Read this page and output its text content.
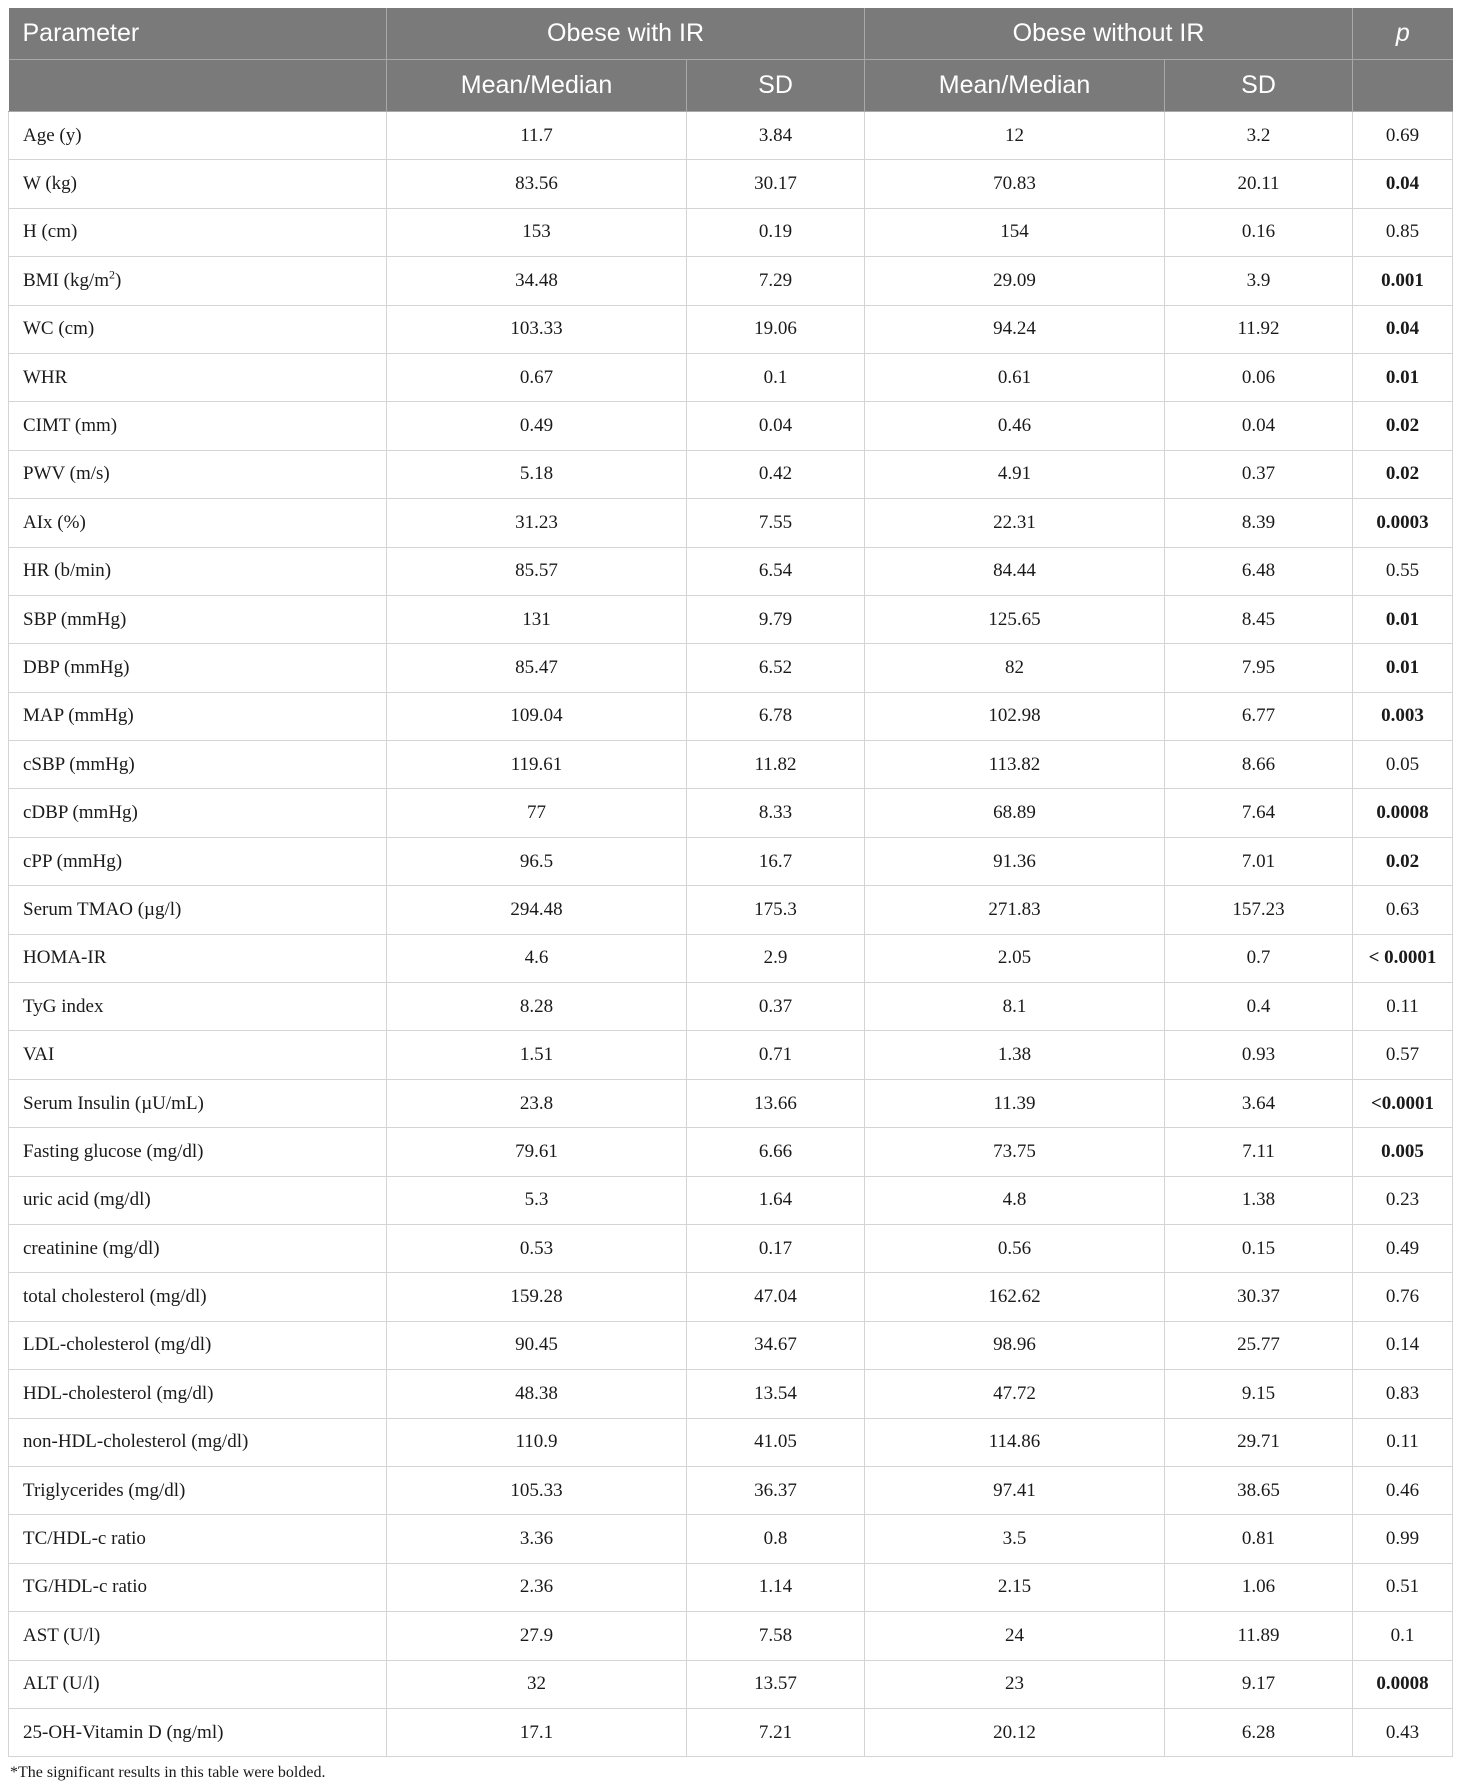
Parameter	Obese with IR		Obese without IR		p
	Mean/Median	SD	Mean/Median	SD	
Age (y)	11.7	3.84	12	3.2	0.69
W (kg)	83.56	30.17	70.83	20.11	0.04
H (cm)	153	0.19	154	0.16	0.85
BMI $(kg/m^2)$	34.48	7.29	29.09	3.9	0.001
WC (cm)	103.33	19.06	94.24	11.92	0.04
WHR	0.67	0.1	0.61	0.06	0.01
CIMT (mm)	0.49	0.04	0.46	0.04	0.02
PWV (m/s)	5.18	0.42	4.91	0.37	0.02
AIx (%)	31.23	7.55	22.31	8.39	0.0003
HR (b/min)	85.57	6.54	84.44	6.48	0.55
SBP (mmHg)	131	9.79	125.65	8.45	0.01
DBP (mmHg)	85.47	6.52	82	7.95	0.01
MAP (mmHg)	109.04	6.78	102.98	6.77	0.003
cSBP (mmHg)	119.61	11.82	113.82	8.66	0.05
cDBP (mmHg)	77	8.33	68.89	7.64	0.0008
cPP (mmHg)	96.5	16.7	91.36	7.01	0.02
Serum TMAO (µg/l)	294.48	175.3	271.83	157.23	0.63
HOMA-IR	4.6	2.9	2.05	0.7	< 0.0001
TyG index	8.28	0.37	8.1	0.4	0.11
VAI	1.51	0.71	1.38	0.93	0.57
Serum Insulin (µU/mL)	23.8	13.66	11.39	3.64	<0.0001
Fasting glucose (mg/dl)	79.61	6.66	73.75	7.11	0.005
uric acid (mg/dl)	5.3	1.64	4.8	1.38	0.23
creatinine (mg/dl)	0.53	0.17	0.56	0.15	0.49
total cholesterol (mg/dl)	159.28	47.04	162.62	30.37	0.76
LDL-cholesterol (mg/dl)	90.45	34.67	98.96	25.77	0.14
HDL-cholesterol (mg/dl)	48.38	13.54	47.72	9.15	0.83
non-HDL-cholesterol (mg/dl)	110.9	41.05	114.86	29.71	0.11
Triglycerides (mg/dl)	105.33	36.37	97.41	38.65	0.46
TC/HDL-c ratio	3.36	0.8	3.5	0.81	0.99
TG/HDL-c ratio	2.36	1.14	2.15	1.06	0.51
AST (U/l)	27.9	7.58	24	11.89	0.1
ALT (U/l)	32	13.57	23	9.17	0.0008
25-OH-Vitamin D (ng/ml)	17.1	7.21	20.12	6.28	0.43
*The significant results in this table were bolded.
